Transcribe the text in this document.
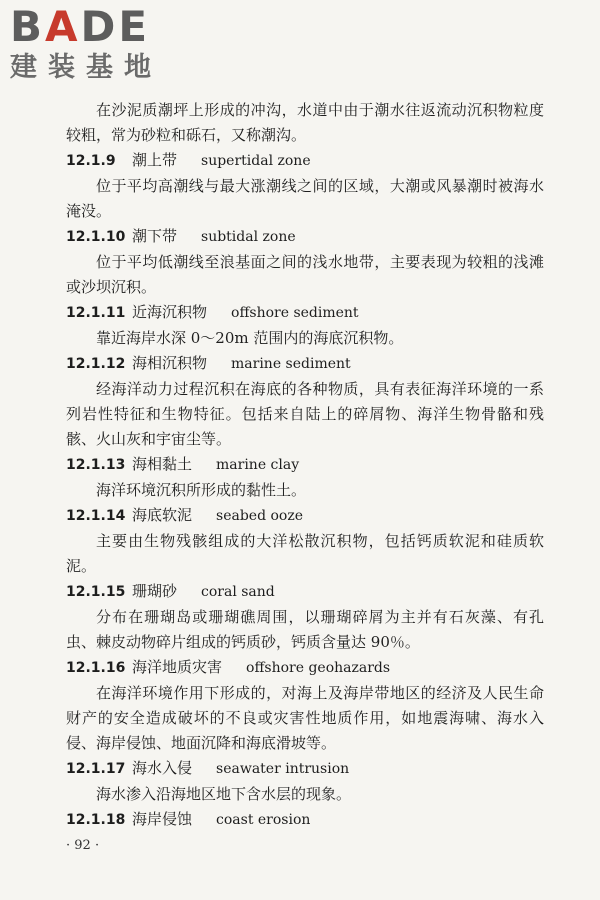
BADE
建装基地

在沙泥质潮坪上形成的冲沟，水道中由于潮水往返流动沉积物粒度较粗，常为砂粒和砾石，又称潮沟。

12.1.9 潮上带 supertidal zone

位于平均高潮线与最大涨潮线之间的区域，大潮或风暴潮时被海水淹没。

12.1.10 潮下带 subtidal zone

位于平均低潮线至浪基面之间的浅水地带，主要表现为较粗的浅滩或沙坝沉积。

12.1.11 近海沉积物 offshore sediment

靠近海岸水深 0～20m 范围内的海底沉积物。

12.1.12 海相沉积物 marine sediment

经海洋动力过程沉积在海底的各种物质，具有表征海洋环境的一系列岩性特征和生物特征。包括来自陆上的碎屑物、海洋生物骨骼和残骸、火山灰和宇宙尘等。

12.1.13 海相黏土 marine clay

海洋环境沉积所形成的黏性土。

12.1.14 海底软泥 seabed ooze

主要由生物残骸组成的大洋松散沉积物，包括钙质软泥和硅质软泥。

12.1.15 珊瑚砂 coral sand

分布在珊瑚岛或珊瑚礁周围，以珊瑚碎屑为主并有石灰藻、有孔虫、棘皮动物碎片组成的钙质砂，钙质含量达 90％。

12.1.16 海洋地质灾害 offshore geohazards

在海洋环境作用下形成的，对海上及海岸带地区的经济及人民生命财产的安全造成破坏的不良或灾害性地质作用，如地震海啸、海水入侵、海岸侵蚀、地面沉降和海底滑坡等。

12.1.17 海水入侵 seawater intrusion

海水渗入沿海地区地下含水层的现象。

12.1.18 海岸侵蚀 coast erosion

· 92 ·
